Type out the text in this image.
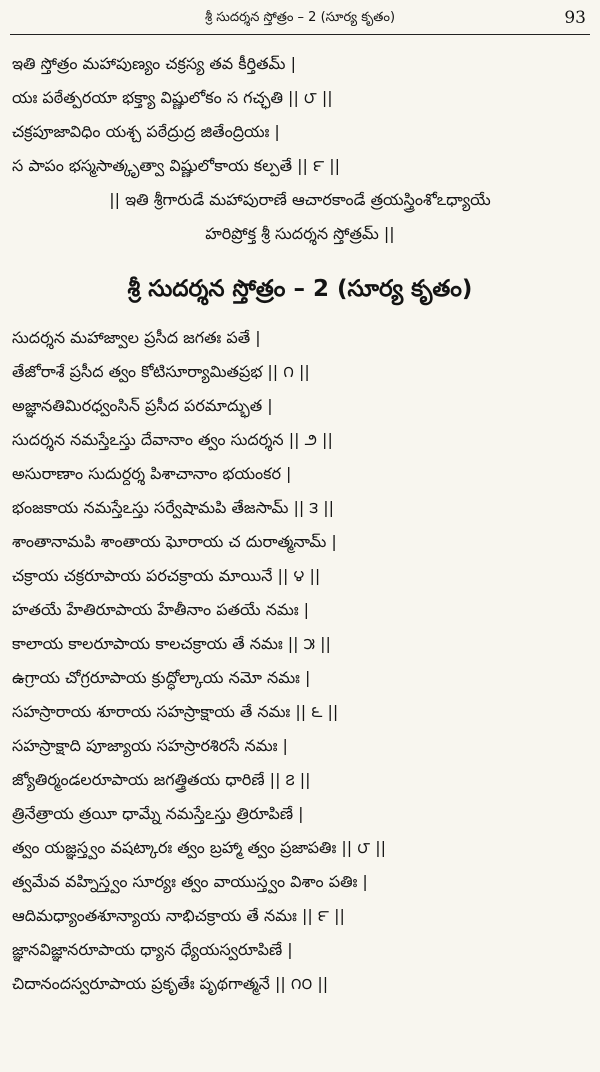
శ్రీ సుదర్శన స్తోత్రం – 2 (సూర్య కృతం)	93
ఇతి స్తోత్రం మహాపుణ్యం చక్రస్య తవ కీర్తితమ్ |
యః పఠేత్పరయా భక్త్యా విష్ణులోకం స గచ్ఛతి || ౮ ||
చక్రపూజావిధిం యశ్చ పఠేద్రుద్ర జితేంద్రియః |
స పాపం భస్మసాత్కృత్వా విష్ణులోకాయ కల్పతే || ౯ ||
|| ఇతి శ్రీగారుడే మహాపురాణే ఆచారకాండే త్రయస్త్రింశోఽధ్యాయే
హరిప్రోక్త శ్రీ సుదర్శన స్తోత్రమ్ ||
శ్రీ సుదర్శన స్తోత్రం – 2 (సూర్య కృతం)
సుదర్శన మహాజ్వాల ప్రసీద జగతః పతే |
తేజోరాశే ప్రసీద త్వం కోటిసూర్యామితప్రభ || ౧ ||
అజ్ఞానతిమిరధ్వంసిన్ ప్రసీద పరమాద్భుత |
సుదర్శన నమస్తేఽస్తు దేవానాం త్వం సుదర్శన || ౨ ||
అసురాణాం సుదుర్దర్శ పిశాచానాం భయంకర |
భంజకాయ నమస్తేఽస్తు సర్వేషామపి తేజసామ్ || ౩ ||
శాంతానామపి శాంతాయ ఘోరాయ చ దురాత్మనామ్ |
చక్రాయ చక్రరూపాయ పరచక్రాయ మాయినే || ౪ ||
హతయే హేతిరూపాయ హేతీనాం పతయే నమః |
కాలాయ కాలరూపాయ కాలచక్రాయ తే నమః || ౫ ||
ఉగ్రాయ చోగ్రరూపాయ క్రుద్ధోల్కాయ నమో నమః |
సహస్రారాయ శూరాయ సహస్రాక్షాయ తే నమః || ౬ ||
సహస్రాక్షాది పూజ్యాయ సహస్రారశిరసే నమః |
జ్యోతిర్మండలరూపాయ జగత్త్రితయ ధారిణే || ౭ ||
త్రినేత్రాయ త్రయీ ధామ్నే నమస్తేఽస్తు త్రిరూపిణే |
త్వం యజ్ఞస్త్వం వషట్కారః త్వం బ్రహ్మా త్వం ప్రజాపతిః || ౮ ||
త్వమేవ వహ్నిస్త్వం సూర్యః త్వం వాయుస్త్వం విశాం పతిః |
ఆదిమధ్యాంతశూన్యాయ నాభిచక్రాయ తే నమః || ౯ ||
జ్ఞానవిజ్ఞానరూపాయ ధ్యాన ధ్యేయస్వరూపిణే |
చిదానందస్వరూపాయ ప్రకృతేః పృథగాత్మనే || ౧౦ ||
